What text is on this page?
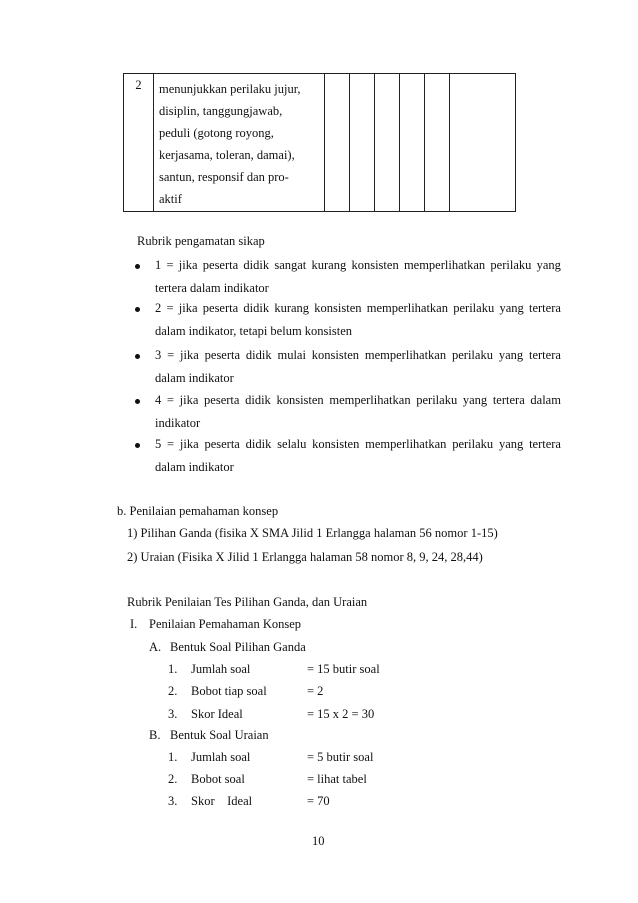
2	menunjukkan perilaku jujur,
disiplin, tanggungjawab,
peduli (gotong royong,
kerjasama, toleran, damai),
santun, responsif dan pro-
aktif

Rubrik pengamatan sikap
1 = jika peserta didik sangat kurang konsisten memperlihatkan perilaku yang
tertera dalam indikator
2 = jika peserta didik kurang konsisten memperlihatkan perilaku yang tertera
dalam indikator, tetapi belum konsisten
3 = jika peserta didik mulai konsisten memperlihatkan perilaku yang tertera
dalam indikator
4 = jika peserta didik konsisten memperlihatkan perilaku yang tertera dalam
indikator
5 = jika peserta didik selalu konsisten memperlihatkan perilaku yang tertera
dalam indikator
b. Penilaian pemahaman konsep
1) Pilihan Ganda (fisika X SMA Jilid 1 Erlangga halaman 56 nomor 1-15)
2) Uraian (Fisika X Jilid 1 Erlangga halaman 58 nomor 8, 9, 24, 28,44)
Rubrik Penilaian Tes Pilihan Ganda, dan Uraian
I. Penilaian Pemahaman Konsep
A. Bentuk Soal Pilihan Ganda
1. Jumlah soal	= 15 butir soal
2. Bobot tiap soal	= 2
3. Skor Ideal	= 15 x 2 = 30
B. Bentuk Soal Uraian
1. Jumlah soal	= 5 butir soal
2. Bobot soal	= lihat tabel
3. Skor    Ideal	= 70
10
